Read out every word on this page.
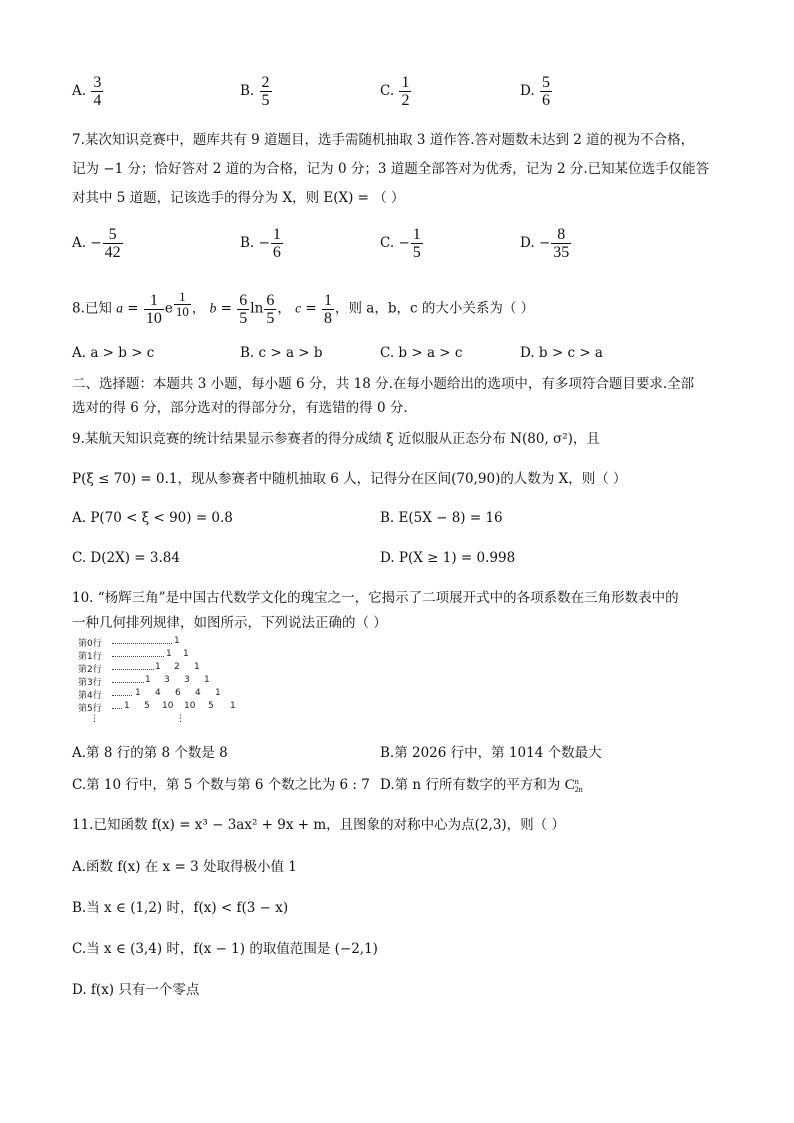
A. $\frac{3}{4}$	B. $\frac{2}{5}$	C. $\frac{1}{2}$	D. $\frac{5}{6}$
7.某次知识竞赛中，题库共有 9 道题目，选手需随机抽取 3 道作答.答对题数未达到 2 道的视为不合格，
记为 −1 分；恰好答对 2 道的为合格，记为 0 分；3 道题全部答对为优秀，记为 2 分.已知某位选手仅能答
对其中 5 道题，记该选手的得分为 X，则 E(X) = （ ）
A. − $\frac{5}{42}$	B. − $\frac{1}{6}$	C. − $\frac{1}{5}$	D. − $\frac{8}{35}$
8.已知 $a = \frac{1}{10}$ e $^{\frac{1}{10}}$ ， $b = \frac{6}{5}$ $\ln \frac{6}{5}$ ， $c = \frac{1}{8}$ ，则 a，b，c 的大小关系为（ ）
A. a > b > c	B. c > a > b	C. b > a > c	D. b > c > a
二、选择题：本题共 3 小题，每小题 6 分，共 18 分.在每小题给出的选项中，有多项符合题目要求.全部
选对的得 6 分，部分选对的得部分分，有选错的得 0 分.
9.某航天知识竞赛的统计结果显示参赛者的得分成绩 ξ 近似服从正态分布 N(80, σ²)，且
P(ξ ≤ 70) = 0.1，现从参赛者中随机抽取 6 人，记得分在区间(70,90)的人数为 X，则（ ）
A. P(70 < ξ < 90) = 0.8	B. E(5X − 8) = 16
C. D(2X) = 3.84	D. P(X ≥ 1) = 0.998
10. “杨辉三角”是中国古代数学文化的瑰宝之一，它揭示了二项展开式中的各项系数在三角形数表中的
一种几何排列规律，如图所示，下列说法正确的（ ）
第0行	1
第1行	1 1
第2行	1 2 1
第3行	1 3 3 1
第4行	1 4 6 4 1
第5行 1 5 10 10 5 1
⋮	⋮
A.第 8 行的第 8 个数是 8	B.第 2026 行中，第 1014 个数最大
C.第 10 行中，第 5 个数与第 6 个数之比为 6 : 7 D.第 n 行所有数字的平方和为 C n
2n
11.已知函数 f(x) = x³ − 3ax² + 9x + m，且图象的对称中心为点(2,3)，则（ ）
A.函数 f(x) 在 x = 3 处取得极小值 1
B.当 x ∈ (1,2) 时，f(x) < f(3 − x)
C.当 x ∈ (3,4) 时，f(x − 1) 的取值范围是 (−2,1)
D. f(x) 只有一个零点
